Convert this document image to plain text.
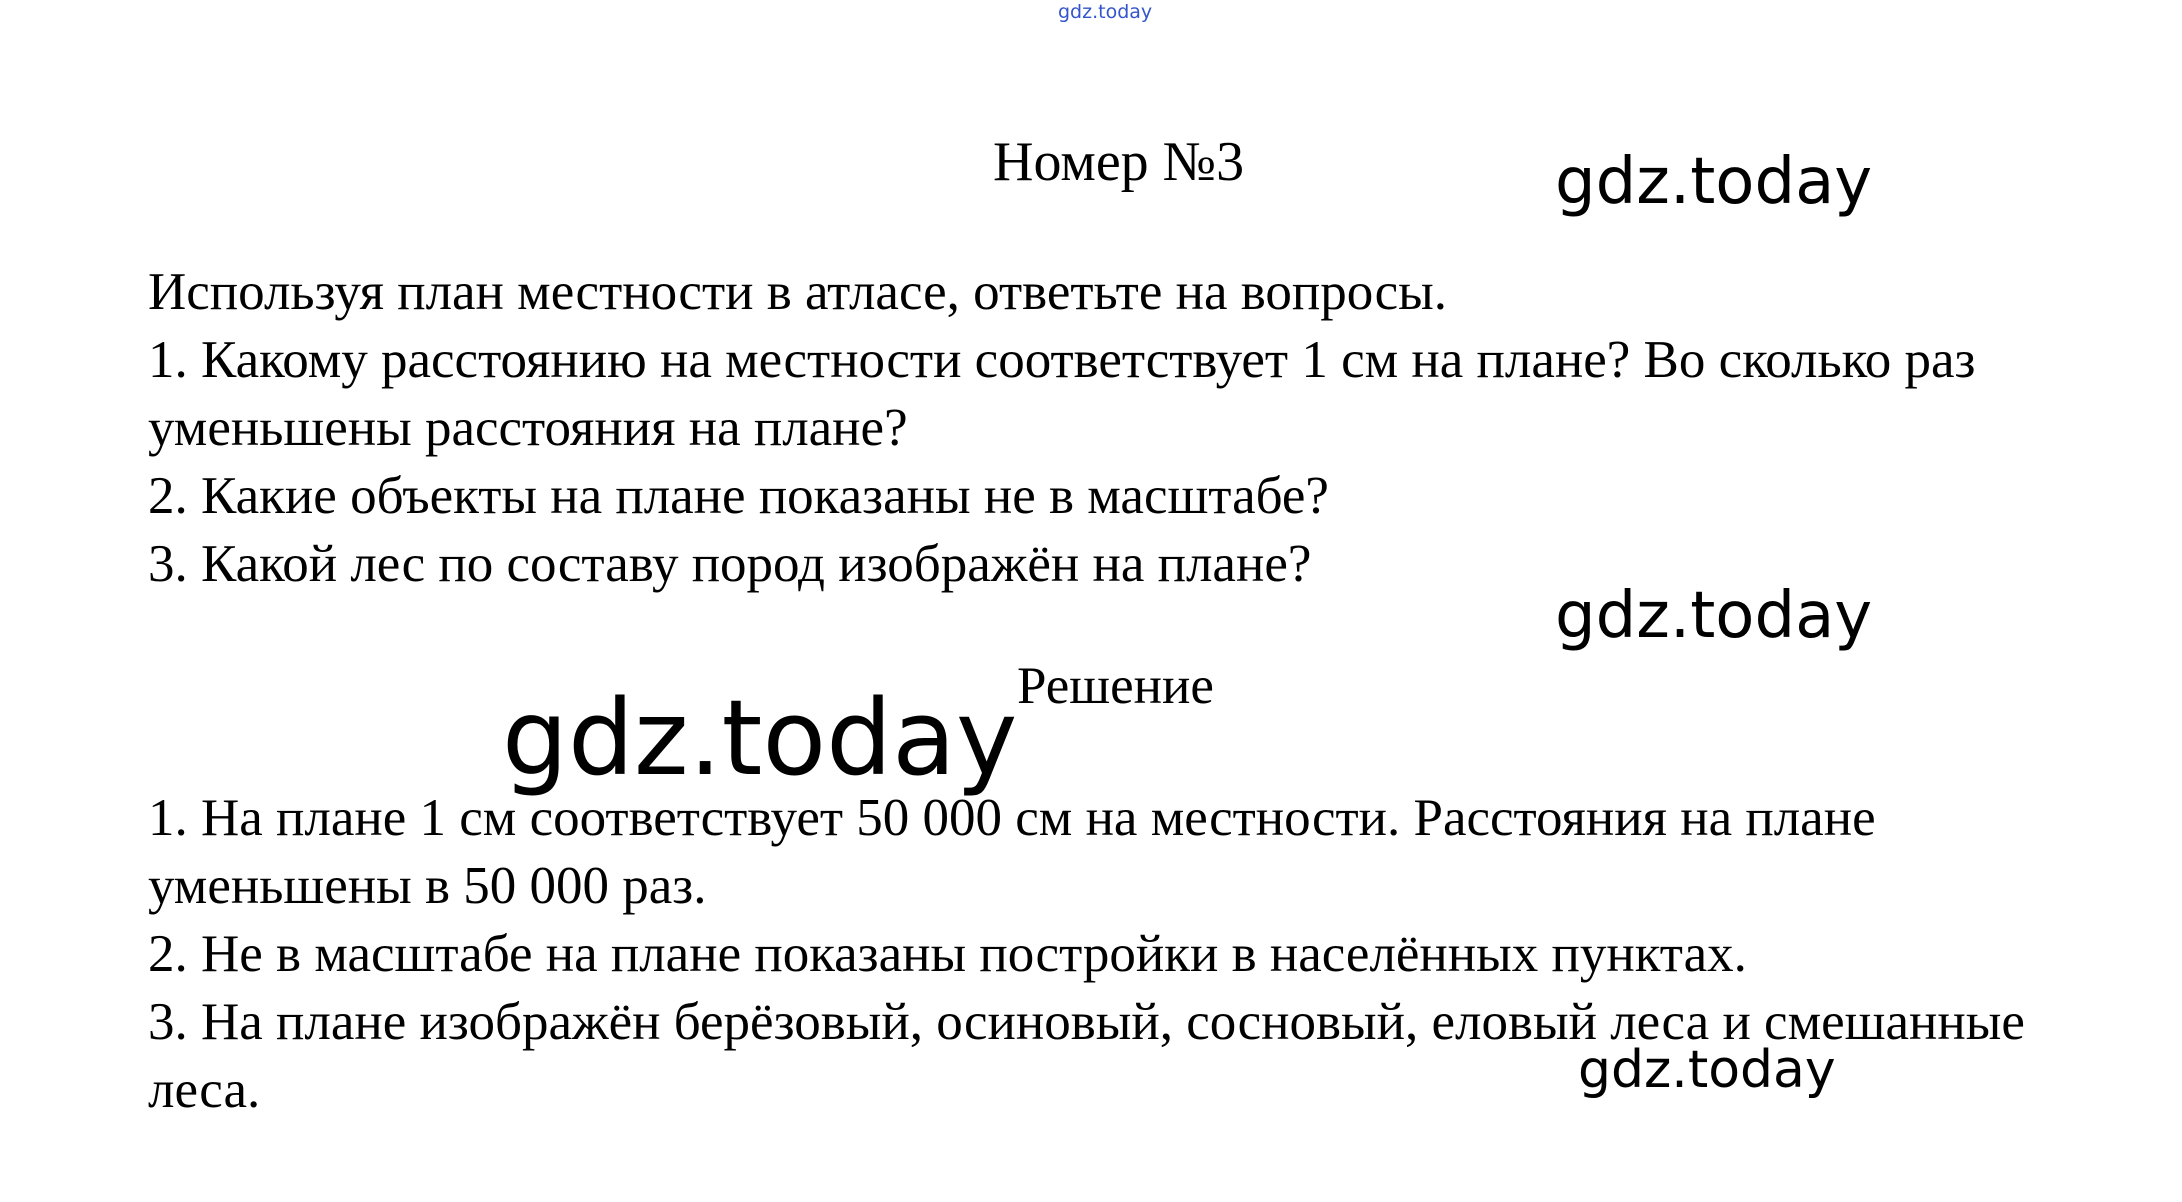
gdz.today
Номер №3	gdz.today
gdz.today
gdz.today
gdz.today

Используя план местности в атласе, ответьте на вопросы.

1. Какому расстоянию на местности соответствует 1 см на плане? Во сколько раз уменьшены расстояния на плане?

2. Какие объекты на плане показаны не в масштабе?

3. Какой лес по составу пород изображён на плане?

Решение

1. На плане 1 см соответствует 50 000 см на местности. Расстояния на плане уменьшены в 50 000 раз.

2. Не в масштабе на плане показаны постройки в населённых пунктах.

3. На плане изображён берёзовый, осиновый, сосновый, еловый леса и смешанные леса.
